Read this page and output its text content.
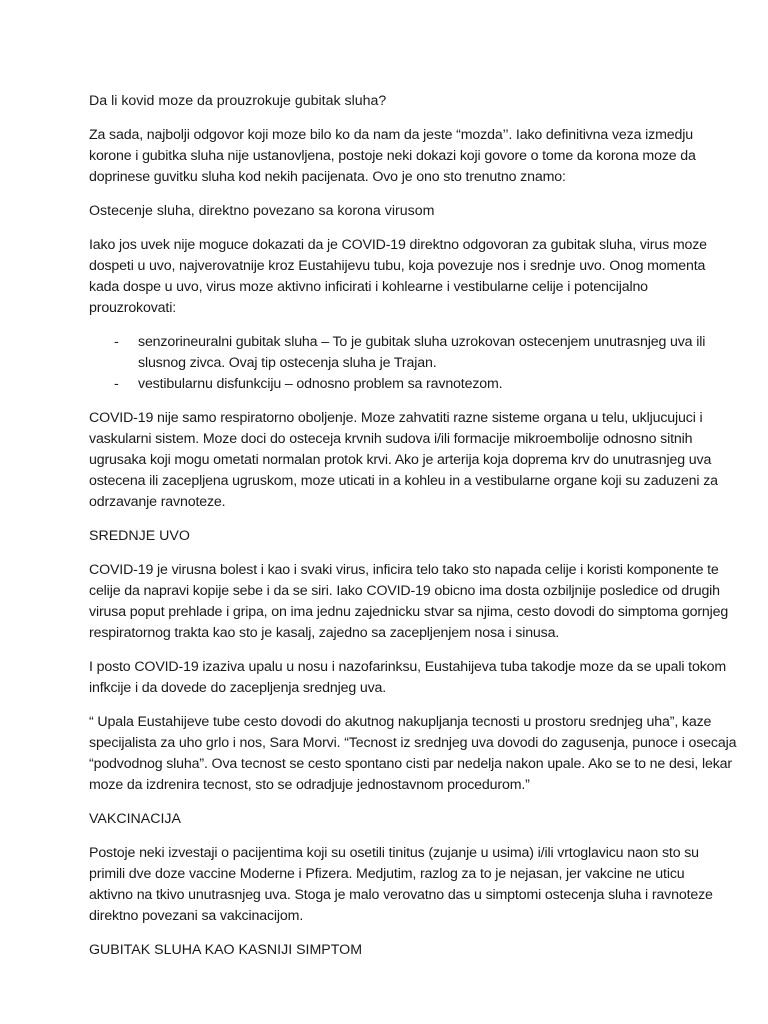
Da li kovid moze da prouzrokuje gubitak sluha?

Za sada, najbolji odgovor koji moze bilo ko da nam da jeste “mozda’’. Iako definitivna veza izmedju
korone i gubitka sluha nije ustanovljena, postoje neki dokazi koji govore o tome da korona moze da
doprinese guvitku sluha kod nekih pacijenata. Ovo je ono sto trenutno znamo:

Ostecenje sluha, direktno povezano sa korona virusom

Iako jos uvek nije moguce dokazati da je COVID-19 direktno odgovoran za gubitak sluha, virus moze
dospeti u uvo, najverovatnije kroz Eustahijevu tubu, koja povezuje nos i srednje uvo. Onog momenta
kada dospe u uvo, virus moze aktivno inficirati i kohlearne i vestibularne celije i potencijalno
prouzrokovati:

- senzorineuralni gubitak sluha – To je gubitak sluha uzrokovan ostecenjem unutrasnjeg uva ili
slusnog zivca. Ovaj tip ostecenja sluha je Trajan.
- vestibularnu disfunkciju – odnosno problem sa ravnotezom.

COVID-19 nije samo respiratorno oboljenje. Moze zahvatiti razne sisteme organa u telu, ukljucujuci i
vaskularni sistem. Moze doci do osteceja krvnih sudova i/ili formacije mikroembolije odnosno sitnih
ugrusaka koji mogu ometati normalan protok krvi. Ako je arterija koja doprema krv do unutrasnjeg uva
ostecena ili zacepljena ugruskom, moze uticati in a kohleu in a vestibularne organe koji su zaduzeni za
odrzavanje ravnoteze.

SREDNJE UVO

COVID-19 je virusna bolest i kao i svaki virus, inficira telo tako sto napada celije i koristi komponente te
celije da napravi kopije sebe i da se siri. Iako COVID-19 obicno ima dosta ozbiljnije posledice od drugih
virusa poput prehlade i gripa, on ima jednu zajednicku stvar sa njima, cesto dovodi do simptoma gornjeg
respiratornog trakta kao sto je kasalj, zajedno sa zacepljenjem nosa i sinusa.

I posto COVID-19 izaziva upalu u nosu i nazofarinksu, Eustahijeva tuba takodje moze da se upali tokom
infkcije i da dovede do zacepljenja srednjeg uva.

“ Upala Eustahijeve tube cesto dovodi do akutnog nakupljanja tecnosti u prostoru srednjeg uha”, kaze
specijalista za uho grlo i nos, Sara Morvi. “Tecnost iz srednjeg uva dovodi do zagusenja, punoce i osecaja
“podvodnog sluha”. Ova tecnost se cesto spontano cisti par nedelja nakon upale. Ako se to ne desi, lekar
moze da izdrenira tecnost, sto se odradjuje jednostavnom procedurom.”

VAKCINACIJA

Postoje neki izvestaji o pacijentima koji su osetili tinitus (zujanje u usima) i/ili vrtoglavicu naon sto su
primili dve doze vaccine Moderne i Pfizera. Medjutim, razlog za to je nejasan, jer vakcine ne uticu
aktivno na tkivo unutrasnjeg uva. Stoga je malo verovatno das u simptomi ostecenja sluha i ravnoteze
direktno povezani sa vakcinacijom.

GUBITAK SLUHA KAO KASNIJI SIMPTOM
